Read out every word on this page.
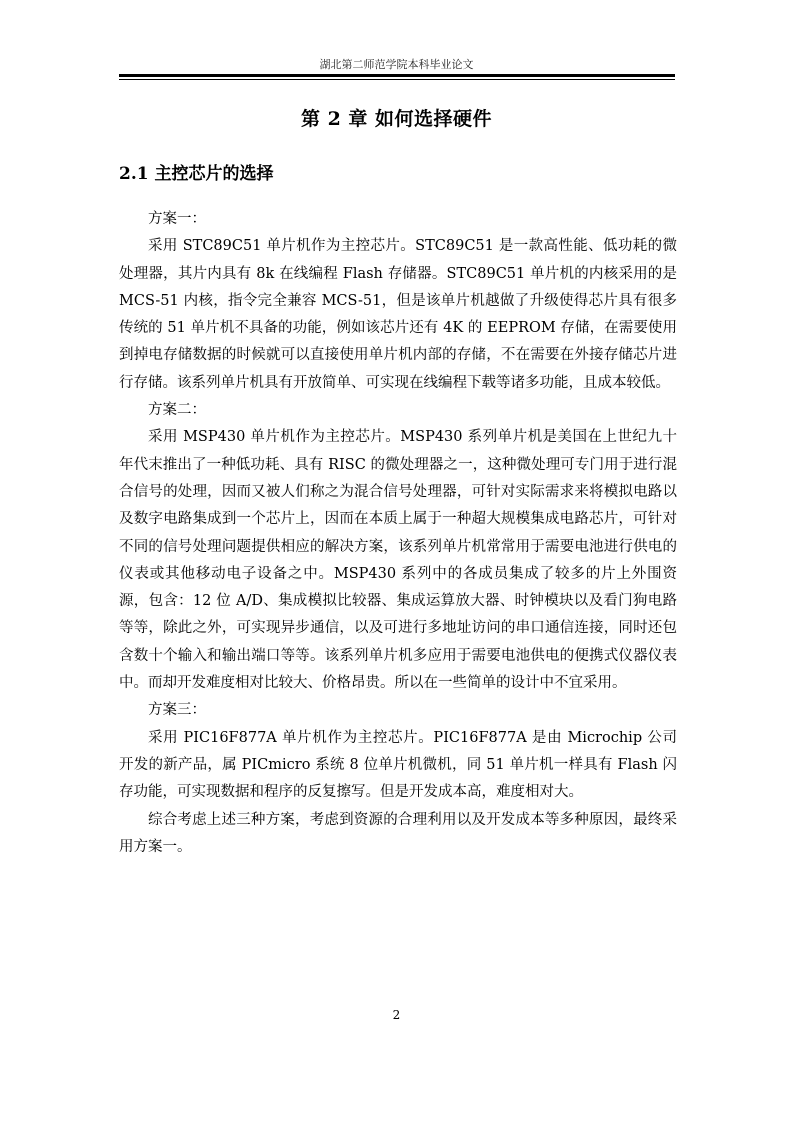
湖北第二师范学院本科毕业论文
第 2 章 如何选择硬件
2.1 主控芯片的选择

方案一：

采用 STC89C51 单片机作为主控芯片。STC89C51 是一款高性能、低功耗的微处理器，其片内具有 8k 在线编程 Flash 存储器。STC89C51 单片机的内核采用的是 MCS-51 内核，指令完全兼容 MCS-51，但是该单片机越做了升级使得芯片具有很多传统的 51 单片机不具备的功能，例如该芯片还有 4K 的 EEPROM 存储，在需要使用到掉电存储数据的时候就可以直接使用单片机内部的存储，不在需要在外接存储芯片进行存储。该系列单片机具有开放简单、可实现在线编程下载等诸多功能，且成本较低。

方案二：

采用 MSP430 单片机作为主控芯片。MSP430 系列单片机是美国在上世纪九十年代末推出了一种低功耗、具有 RISC 的微处理器之一，这种微处理可专门用于进行混合信号的处理，因而又被人们称之为混合信号处理器，可针对实际需求来将模拟电路以及数字电路集成到一个芯片上，因而在本质上属于一种超大规模集成电路芯片，可针对不同的信号处理问题提供相应的解决方案，该系列单片机常常用于需要电池进行供电的仪表或其他移动电子设备之中。MSP430 系列中的各成员集成了较多的片上外围资源，包含：12 位 A/D、集成模拟比较器、集成运算放大器、时钟模块以及看门狗电路等等，除此之外，可实现异步通信，以及可进行多地址访问的串口通信连接，同时还包含数十个输入和输出端口等等。该系列单片机多应用于需要电池供电的便携式仪器仪表中。而却开发难度相对比较大、价格昂贵。所以在一些简单的设计中不宜采用。

方案三：

采用 PIC16F877A 单片机作为主控芯片。PIC16F877A 是由 Microchip 公司开发的新产品，属 PICmicro 系统 8 位单片机微机，同 51 单片机一样具有 Flash 闪存功能，可实现数据和程序的反复擦写。但是开发成本高，难度相对大。

综合考虑上述三种方案，考虑到资源的合理利用以及开发成本等多种原因，最终采用方案一。

2
